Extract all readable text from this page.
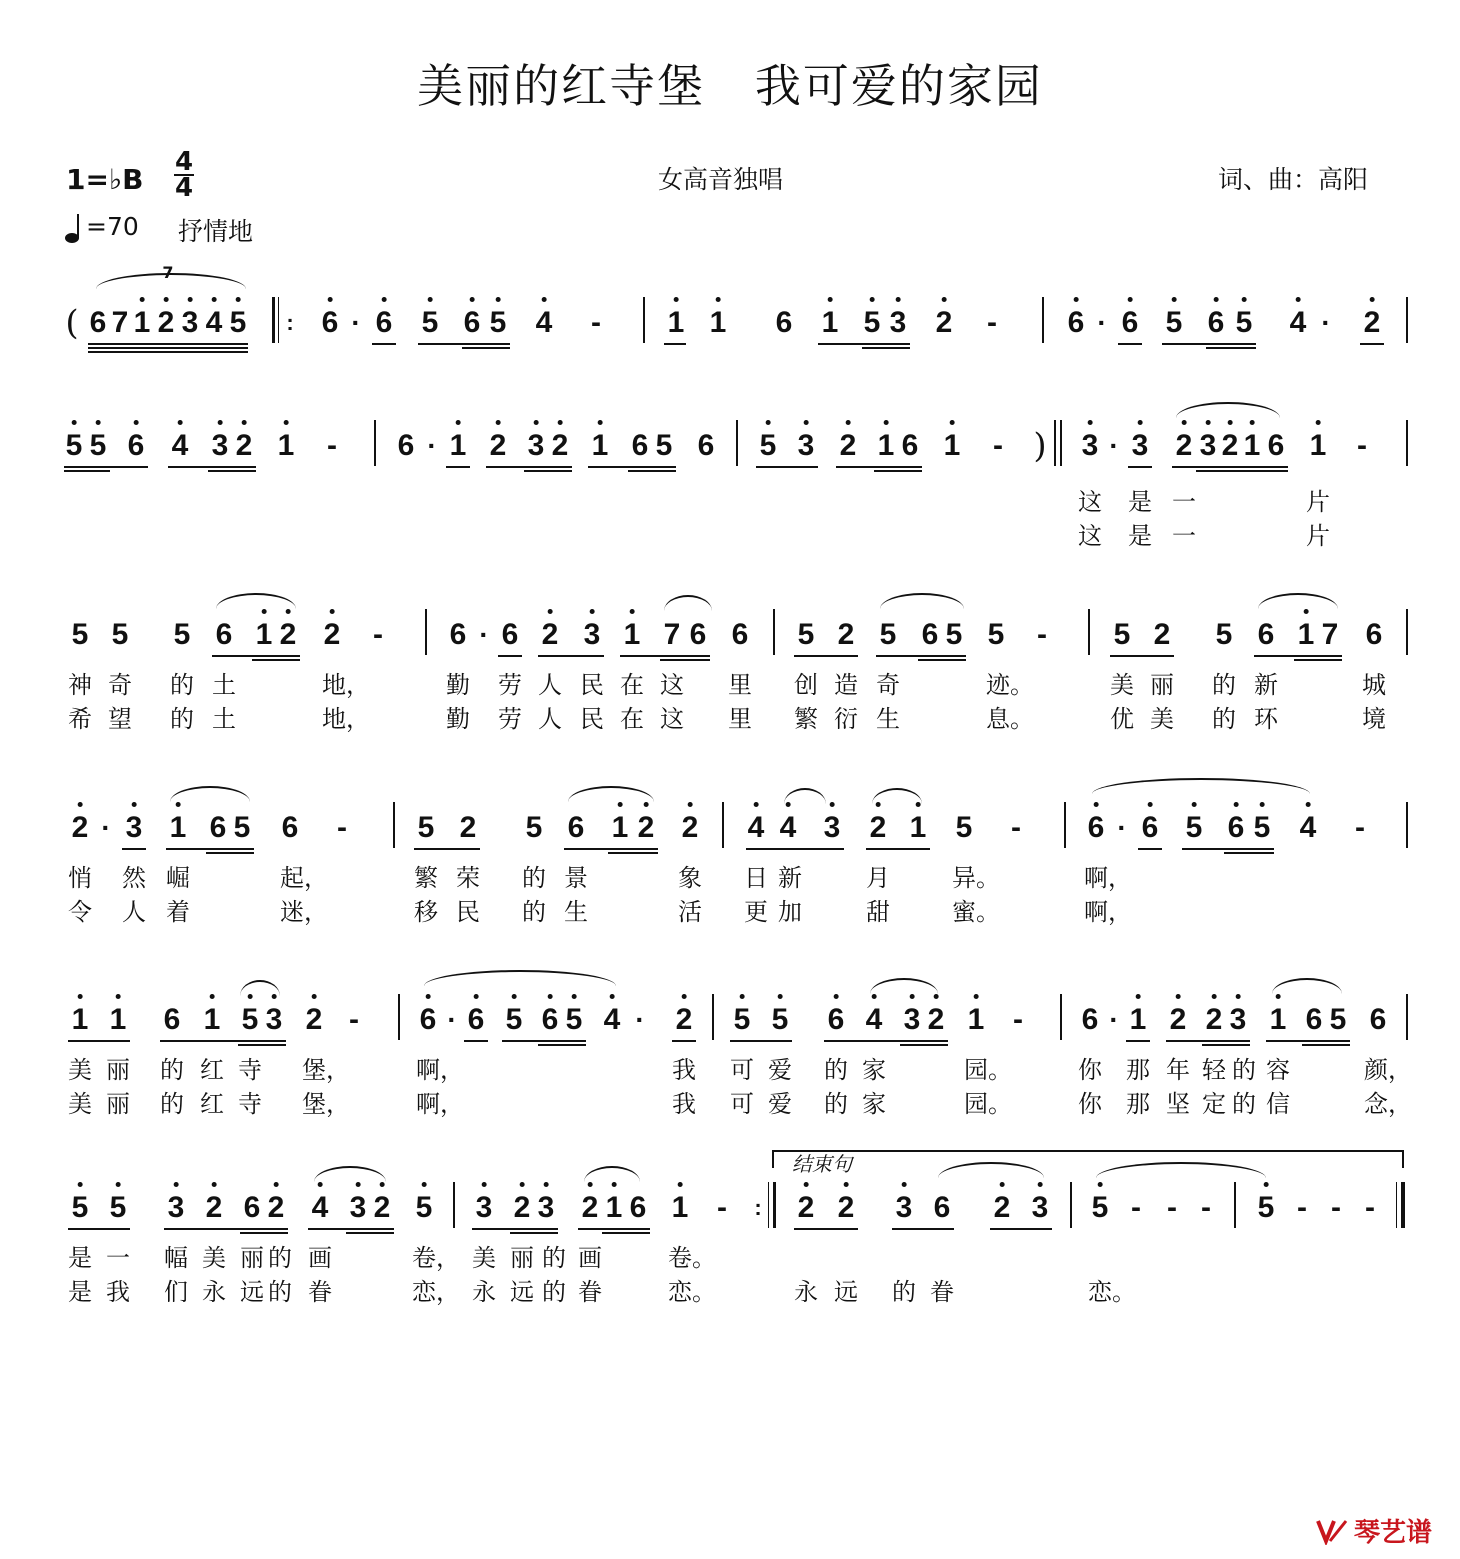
美丽的红寺堡   我可爱的家园
1=♭B
4
4	女高音独唱	词、曲：高阳
=70 抒情地
(
7
6 7 1 2 3 4 5 : 6 · 6 5 6 5 4 - 1 1 6 1 5 3 2 - 6 · 6 5 6 5 4 · 2
5 5 6 4 3 2 1 - 6 · 1 2 3 2 1 6 5 6 5 3 2 1 6 1 - ) 3 · 3 2 3 2 1 6 1 -
这 是 一	片
这 是 一	片
5 5 5 6 1 2 2 - 6 · 6 2 3 1 7 6 6 5 2 5 6 5 5 - 5 2 5 6 1 7 6
神 奇 的 土	地，	勤 劳 人 民 在 这 里 创 造 奇	迹。	美 丽 的 新	城
希 望 的 土	地，	勤 劳 人 民 在 这 里 繁 衍 生	息。	优 美 的 环	境
2 · 3 1 6 5 6 - 5 2 5 6 1 2 2 4 4 3 2 1 5 - 6 · 6 5 6 5 4 -
悄 然 崛	起，	繁 荣 的 景	象 日 新	月	异。	啊，
令 人 着	迷，	移 民 的 生	活 更 加	甜	蜜。	啊，
1 1 6 1 5 3 2 - 6 · 6 5 6 5 4 · 2 5 5 6 4 3 2 1 - 6 · 1 2 2 3 1 6 5 6
美 丽 的 红 寺 堡，	啊，	我 可 爱 的 家	园。	你 那 年 轻 的 容	颜，
美 丽 的 红 寺 堡，	啊，	我 可 爱 的 家	园。	你 那 坚 定 的 信	念，
结束句
5 5 3 2 6 2 4 3 2 5 3 2 3 2 1 6 1 - : 2 2 3 6 2 3 5 - - - 5 - - -
是 一 幅 美 丽 的 画	卷， 美 丽 的 画	卷。
是 我 们 永 远 的 眷	恋， 永 远 的 眷	恋。	永 远 的 眷	恋。
琴艺谱
